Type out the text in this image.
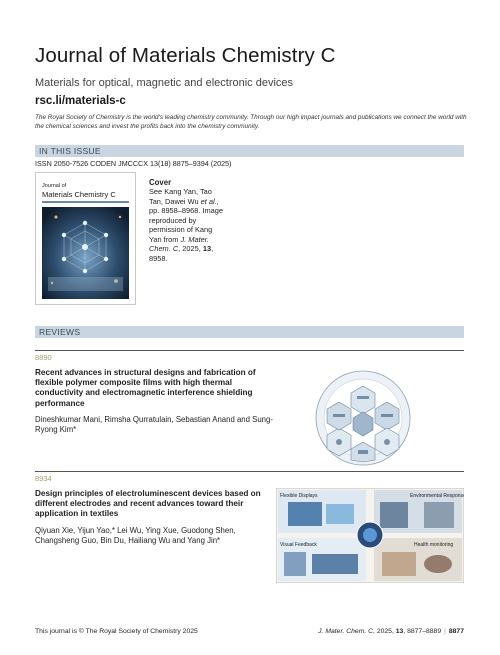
Journal of Materials Chemistry C
Materials for optical, magnetic and electronic devices
rsc.li/materials-c
The Royal Society of Chemistry is the world's leading chemistry community. Through our high impact journals and publications we connect the world with the chemical sciences and invest the profits back into the chemistry community.
IN THIS ISSUE
ISSN 2050-7526 CODEN JMCCCX 13(18) 8875–9394 (2025)
Journal of
Materials Chemistry C
Cover
See Kang Yan, Tao Tan, Dawei Wu et al., pp. 8958–8968. Image reproduced by permission of Kang Yan from J. Mater. Chem. C, 2025, 13, 8958.
REVIEWS
8890
Recent advances in structural designs and fabrication of flexible polymer composite films with high thermal conductivity and electromagnetic interference shielding performance
Dineshkumar Mani, Rimsha Qurratulain, Sebastian Anand and Sung-Ryong Kim*
8934
Design principles of electroluminescent devices based on different electrodes and recent advances toward their application in textiles
Qiyuan Xie, Yijun Yao,* Lei Wu, Ying Xue, Guodong Shen, Changsheng Guo, Bin Du, Hailiang Wu and Yang Jin*
Flexible Displays	Environmental Response
Visual Feedback	Health monitoring
This journal is © The Royal Society of Chemistry 2025	J. Mater. Chem. C, 2025, 13, 8877–8889 | 8877
